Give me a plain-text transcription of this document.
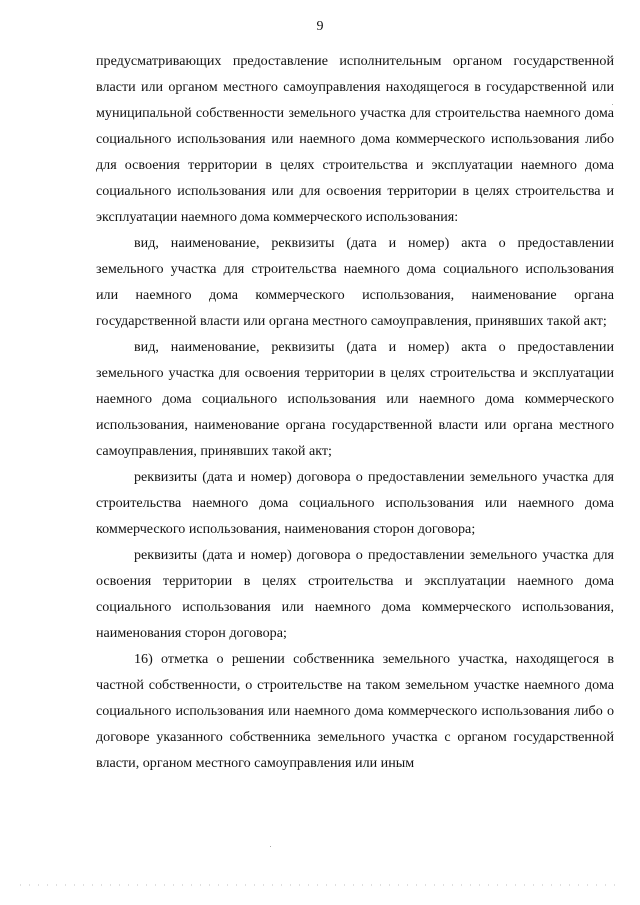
9

предусматривающих предоставление исполнительным органом государственной власти или органом местного самоуправления находящегося в государственной или муниципальной собственности земельного участка для строительства наемного дома социального использования или наемного дома коммерческого использования либо для освоения территории в целях строительства и эксплуатации наемного дома социального использования или для освоения территории в целях строительства и эксплуатации наемного дома коммерческого использования:

вид, наименование, реквизиты (дата и номер) акта о предоставлении земельного участка для строительства наемного дома социального использования или наемного дома коммерческого использования, наименование органа государственной власти или органа местного самоуправления, принявших такой акт;

вид, наименование, реквизиты (дата и номер) акта о предоставлении земельного участка для освоения территории в целях строительства и эксплуатации наемного дома социального использования или наемного дома коммерческого использования, наименование органа государственной власти или органа местного самоуправления, принявших такой акт;

реквизиты (дата и номер) договора о предоставлении земельного участка для строительства наемного дома социального использования или наемного дома коммерческого использования, наименования сторон договора;

реквизиты (дата и номер) договора о предоставлении земельного участка для освоения территории в целях строительства и эксплуатации наемного дома социального использования или наемного дома коммерческого использования, наименования сторон договора;

16) отметка о решении собственника земельного участка, находящегося в частной собственности, о строительстве на таком земельном участке наемного дома социального использования или наемного дома коммерческого использования либо о договоре указанного собственника земельного участка с органом государственной власти, органом местного самоуправления или иным
